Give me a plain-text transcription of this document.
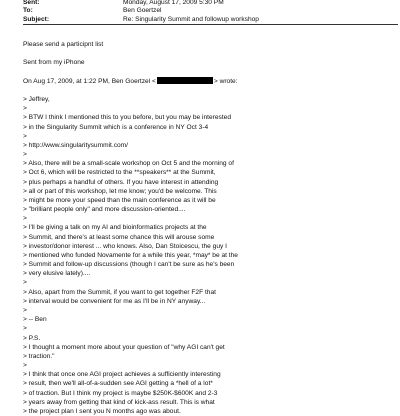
Sent:	Monday, August 17, 2009 5:30 PM
To:	Ben Goertzel
Subject:	Re: Singularity Summit and followup workshop
Please send a participnt list
Sent from my iPhone
On Aug 17, 2009, at 1:22 PM, Ben Goertzel <	> wrote:
> Jeffrey,
>
> BTW I think I mentioned this to you before, but you may be interested
> in the Singularity Summit which is a conference in NY Oct 3-4
>
> http://www.singularitysummit.com/
>
> Also, there will be a small-scale workshop on Oct 5 and the morning of
> Oct 6, which will be restricted to the **speakers** at the Summit,
> plus perhaps a handful of others. If you have interest in attending
> all or part of this workshop, let me know; you'd be welcome. This
> might be more your speed than the main conference as it will be
> "brilliant people only" and more discussion-oriented....
>
> I'll be giving a talk on my AI and bioinformatics projects at the
> Summit, and there's at least some chance this will arouse some
> investor/donor interest ... who knows. Also, Dan Stoicescu, the guy I
> mentioned who funded Novamente for a while this year, *may* be at the
> Summit and follow-up discussions (though I can't be sure as he's been
> very elusive lately)....
>
> Also, apart from the Summit, if you want to get together F2F that
> interval would be convenient for me as I'll be in NY anyway...
>
> -- Ben
>
> P.S.
> I thought a moment more about your question of "why AGI can't get
> traction."
>
> I think that once one AGI project achieves a sufficiently interesting
> result, then we'll all-of-a-sudden see AGI getting a *hell of a lot*
> of traction. But I think my project is maybe $250K-$600K and 2-3
> years away from getting that kind of kick-ass result. This is what
> the project plan I sent you N months ago was about.
